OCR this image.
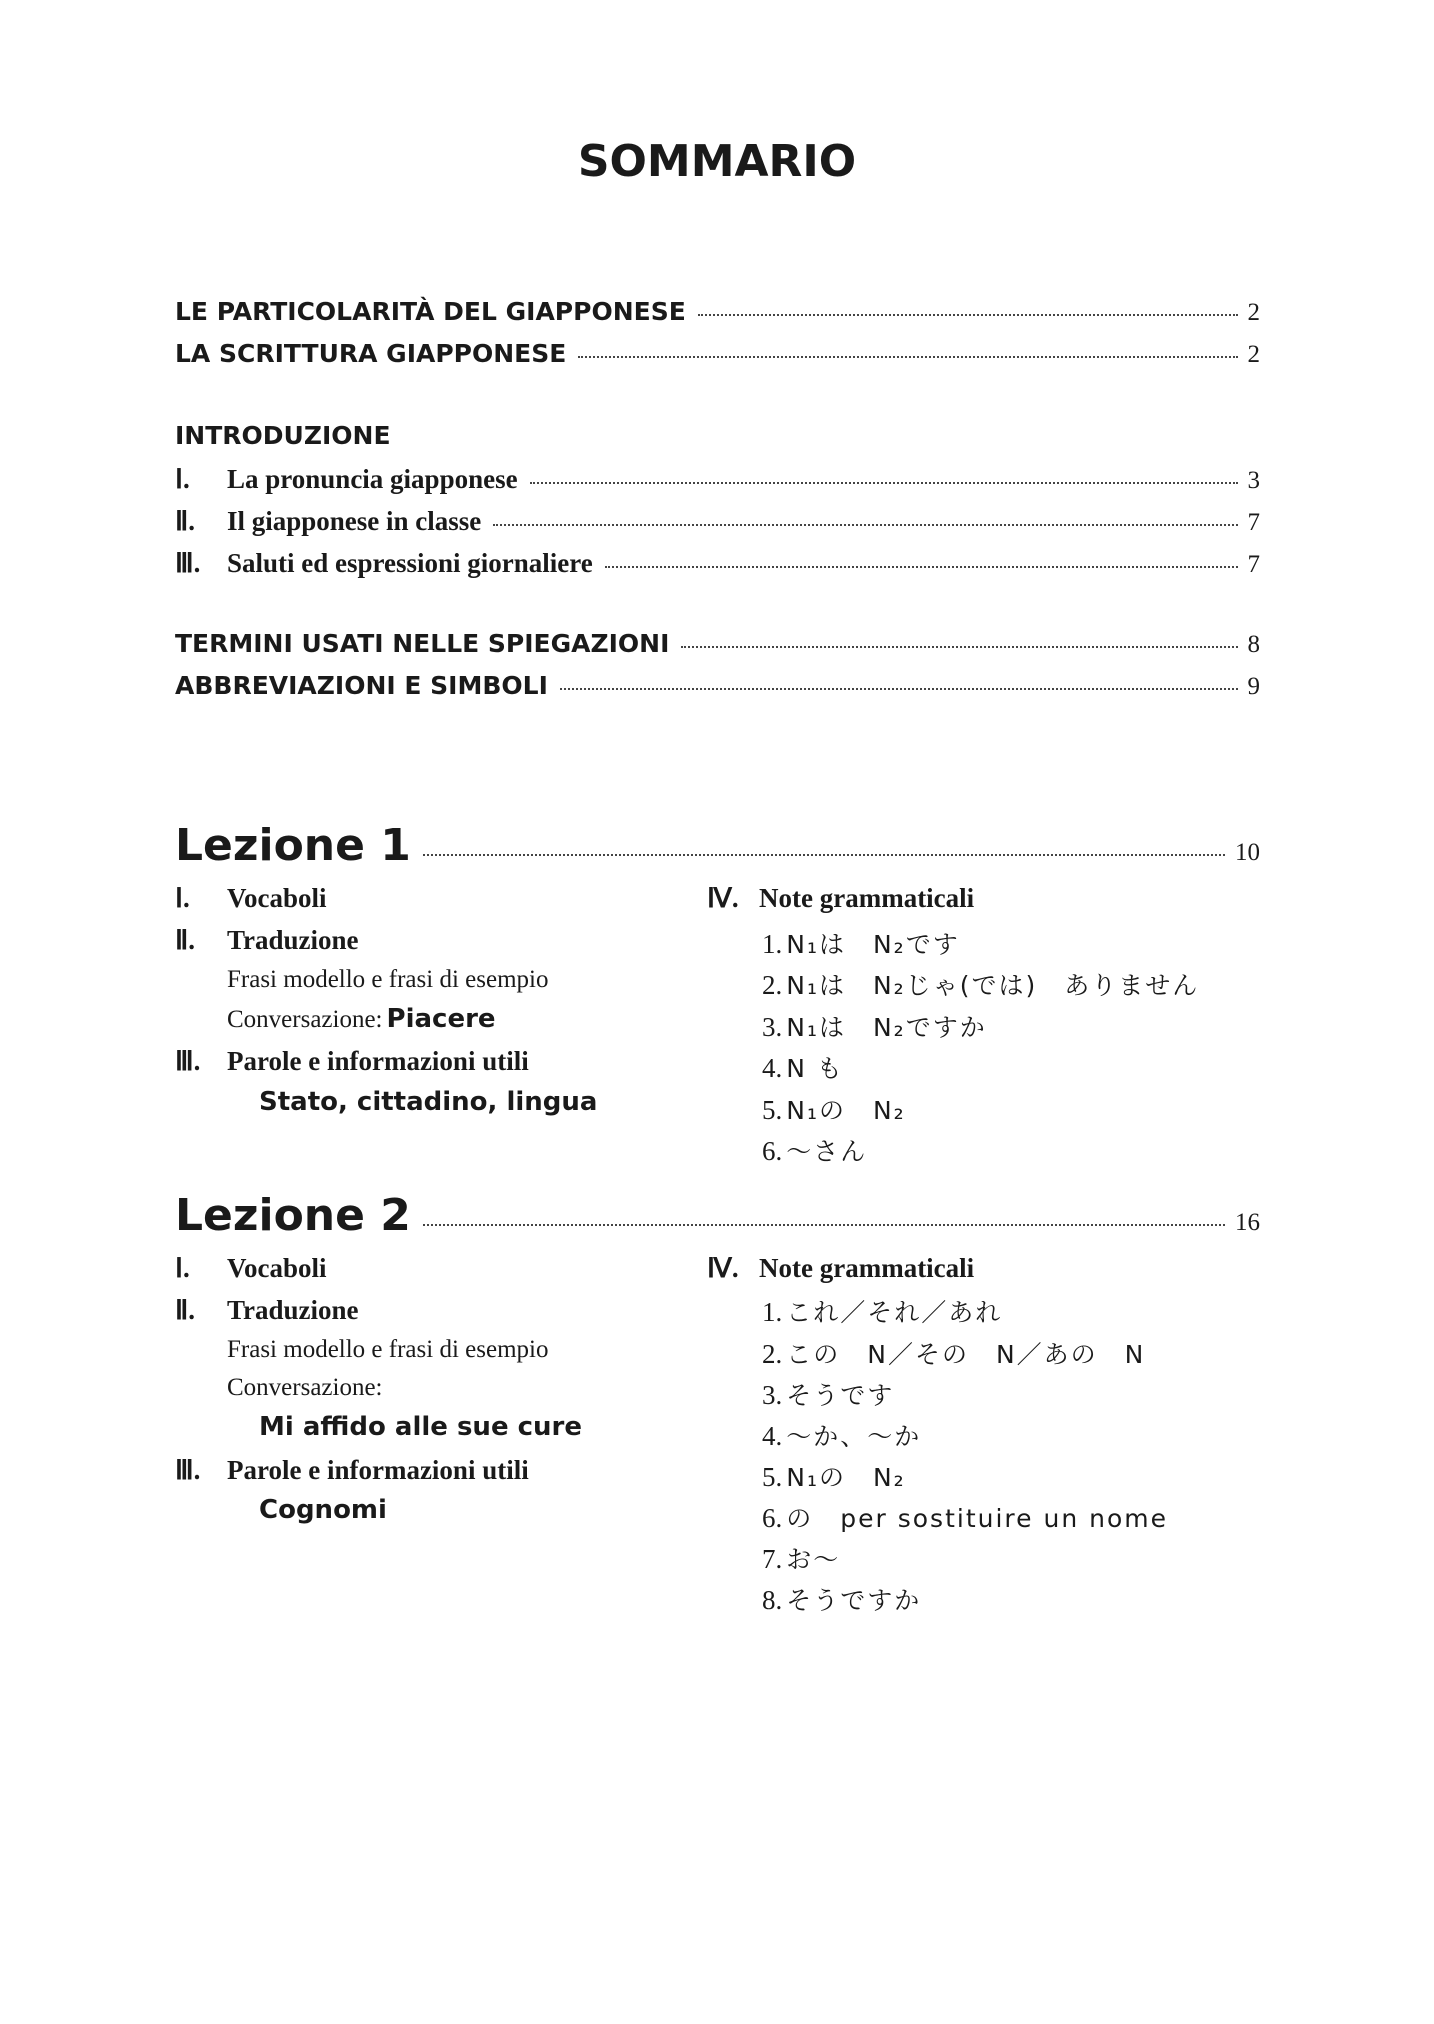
SOMMARIO
LE PARTICOLARITÀ DEL GIAPPONESE	2
LA SCRITTURA GIAPPONESE	2
INTRODUZIONE
Ⅰ.	La pronuncia giapponese	3
Ⅱ.	Il giapponese in classe	7
Ⅲ. Saluti ed espressioni giornaliere	7
TERMINI USATI NELLE SPIEGAZIONI	8
ABBREVIAZIONI E SIMBOLI	9
Lezione 1	10
Ⅰ. Vocaboli
Ⅱ. Traduzione
Frasi modello e frasi di esempio
Conversazione: Piacere
Ⅲ. Parole e informazioni utili
Stato, cittadino, lingua
Ⅳ. Note grammaticali
1. N₁は　N₂です
2. N₁は　N₂じゃ(では)　ありません
3. N₁は　N₂ですか
4. N も
5. N₁の　N₂
6. ～さん
Lezione 2	16
Ⅰ. Vocaboli
Ⅱ. Traduzione
Frasi modello e frasi di esempio
Conversazione:
Mi affido alle sue cure
Ⅲ. Parole e informazioni utili
Cognomi
Ⅳ. Note grammaticali
1. これ／それ／あれ
2. この　N／その　N／あの　N
3. そうです
4. ～か、～か
5. N₁の　N₂
6. の　per sostituire un nome
7. お～
8. そうですか
